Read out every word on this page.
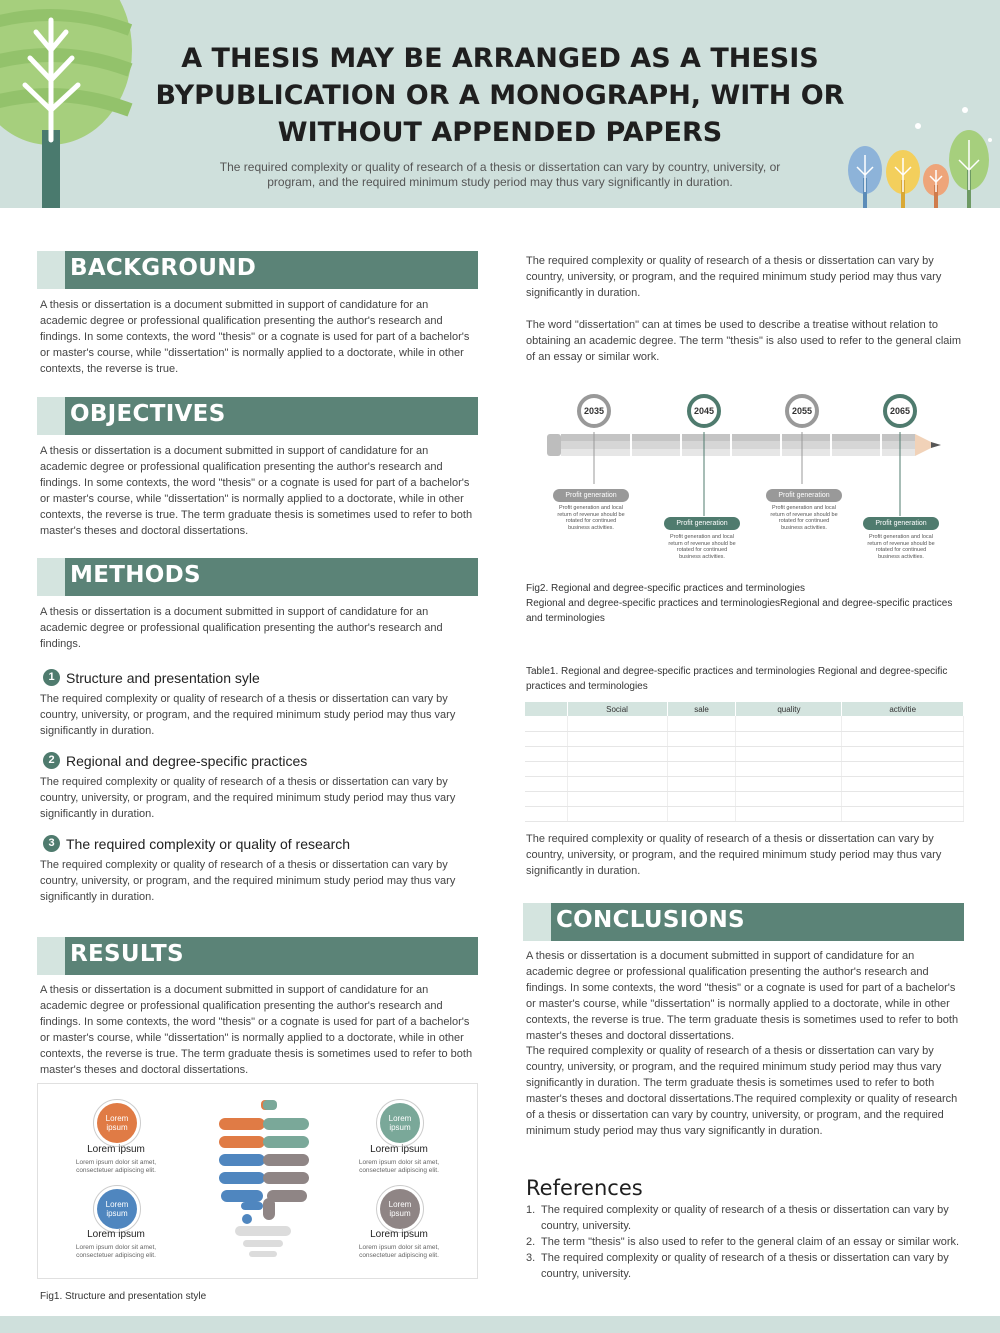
A THESIS MAY BE ARRANGED AS A THESIS BYPUBLICATION OR A MONOGRAPH, WITH OR WITHOUT APPENDED PAPERS
The required complexity or quality of research of a thesis or dissertation can vary by country, university, or program, and the required minimum study period may thus vary significantly in duration.
BACKGROUND
A thesis or dissertation is a document submitted in support of candidature for an academic degree or professional qualification presenting the author's research and findings. In some contexts, the word "thesis" or a cognate is used for part of a bachelor's or master's course, while "dissertation" is normally applied to a doctorate, while in other contexts, the reverse is true.
OBJECTIVES
A thesis or dissertation is a document submitted in support of candidature for an academic degree or professional qualification presenting the author's research and findings. In some contexts, the word "thesis" or a cognate is used for part of a bachelor's or master's course, while "dissertation" is normally applied to a doctorate, while in other contexts, the reverse is true. The term graduate thesis is sometimes used to refer to both master's theses and doctoral dissertations.
METHODS
A thesis or dissertation is a document submitted in support of candidature for an academic degree or professional qualification presenting the author's research and findings.
1 Structure and presentation syle
The required complexity or quality of research of a thesis or dissertation can vary by country, university, or program, and the required minimum study period may thus vary significantly in duration.
2 Regional and degree-specific practices
The required complexity or quality of research of a thesis or dissertation can vary by country, university, or program, and the required minimum study period may thus vary significantly in duration.
3 The required complexity or quality of research
The required complexity or quality of research of a thesis or dissertation can vary by country, university, or program, and the required minimum study period may thus vary significantly in duration.
RESULTS
A thesis or dissertation is a document submitted in support of candidature for an academic degree or professional qualification presenting the author's research and findings. In some contexts, the word "thesis" or a cognate is used for part of a bachelor's or master's course, while "dissertation" is normally applied to a doctorate, while in other contexts, the reverse is true. The term graduate thesis is sometimes used to refer to both master's theses and doctoral dissertations.
Lorem ipsum
Lorem ipsum
Lorem ipsum dolor sit amet, consectetuer adipiscing elit.
Lorem ipsum
Lorem ipsum
Lorem ipsum dolor sit amet, consectetuer adipiscing elit.
Lorem ipsum
Lorem ipsum
Lorem ipsum dolor sit amet, consectetuer adipiscing elit.
Lorem ipsum
Lorem ipsum
Lorem ipsum dolor sit amet, consectetuer adipiscing elit.
Fig1. Structure and presentation style
The required complexity or quality of research of a thesis or dissertation can vary by country, university, or program, and the required minimum study period may thus vary significantly in duration.
The word "dissertation" can at times be used to describe a treatise without relation to obtaining an academic degree. The term "thesis" is also used to refer to the general claim of an essay or similar work.
2035
Profit generation
Profit generation and local return of revenue should be rotated for continued business activities.
2045
Profit generation
Profit generation and local return of revenue should be rotated for continued business activities.
2055
Profit generation
Profit generation and local return of revenue should be rotated for continued business activities.
2065
Profit generation
Profit generation and local return of revenue should be rotated for continued business activities.
Fig2. Regional and degree-specific practices and terminologies
Regional and degree-specific practices and terminologiesRegional and degree-specific practices and terminologies
Table1. Regional and degree-specific practices and terminologies Regional and degree-specific practices and terminologies
	Social	sale	quality	activitie

The required complexity or quality of research of a thesis or dissertation can vary by country, university, or program, and the required minimum study period may thus vary significantly in duration.
CONCLUSIONS
A thesis or dissertation is a document submitted in support of candidature for an academic degree or professional qualification presenting the author's research and findings. In some contexts, the word "thesis" or a cognate is used for part of a bachelor's or master's course, while "dissertation" is normally applied to a doctorate, while in other contexts, the reverse is true. The term graduate thesis is sometimes used to refer to both master's theses and doctoral dissertations.
The required complexity or quality of research of a thesis or dissertation can vary by country, university, or program, and the required minimum study period may thus vary significantly in duration. The term graduate thesis is sometimes used to refer to both master's theses and doctoral dissertations.The required complexity or quality of research of a thesis or dissertation can vary by country, university, or program, and the required minimum study period may thus vary significantly in duration.
References
1. The required complexity or quality of research of a thesis or dissertation can vary by country, university.
2. The term "thesis" is also used to refer to the general claim of an essay or similar work.
3. The required complexity or quality of research of a thesis or dissertation can vary by country, university.
